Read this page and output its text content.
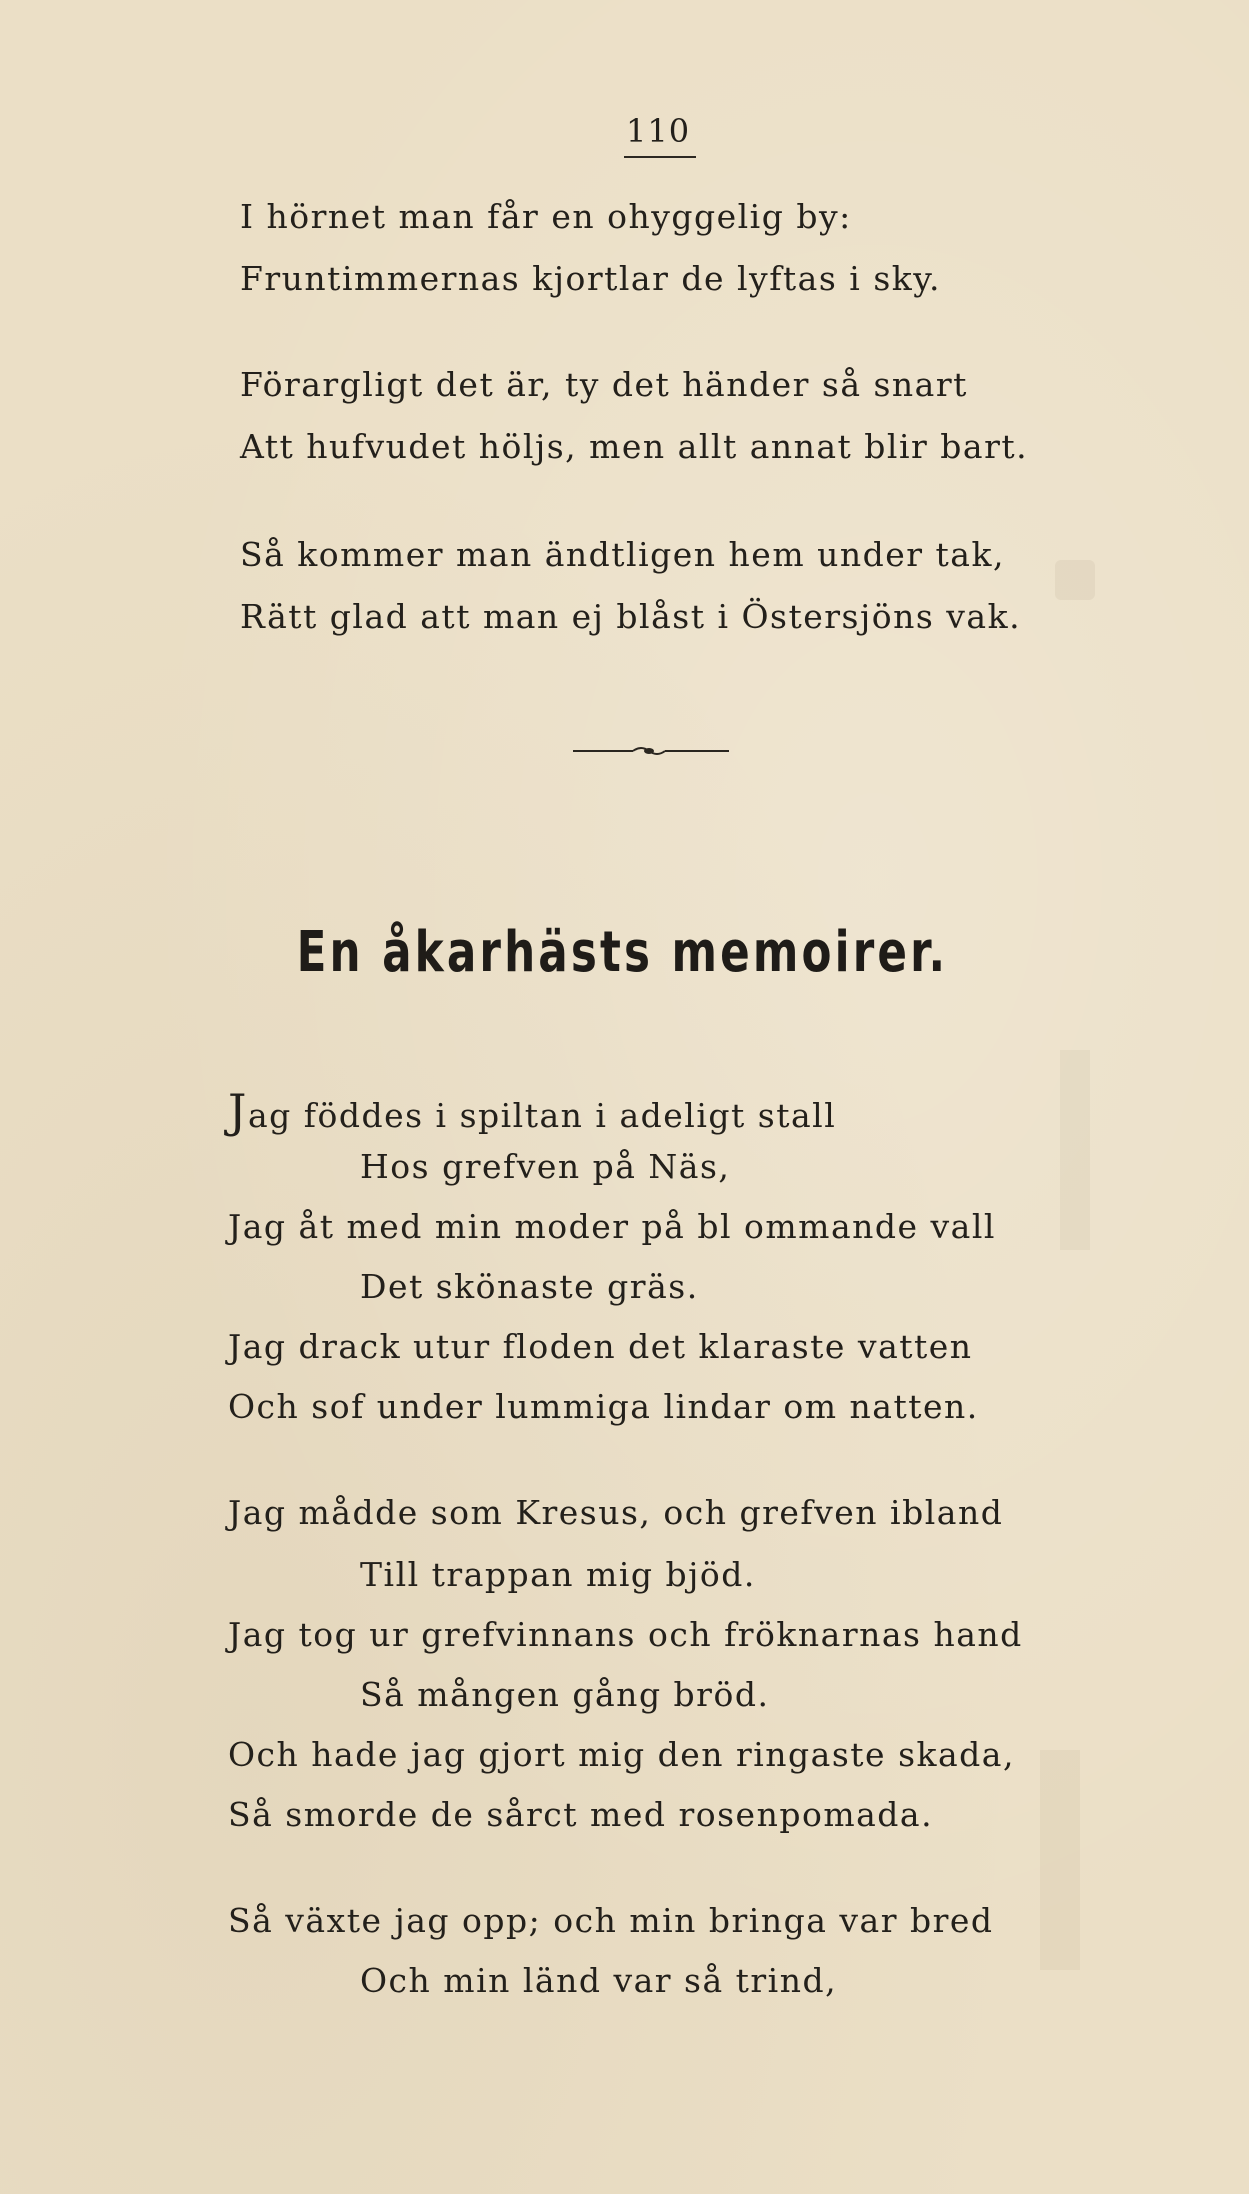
110
I hörnet man får en ohyggelig by:
Fruntimmernas kjortlar de lyftas i sky.
Förargligt det är, ty det händer så snart
Att hufvudet höljs, men allt annat blir bart.
Så kommer man ändtligen hem under tak,
Rätt glad att man ej blåst i Östersjöns vak.
En åkarhästs memoirer.
Jag föddes i spiltan i adeligt stall
Hos grefven på Näs,
Jag åt med min moder på bl ommande vall
Det skönaste gräs.
Jag drack utur floden det klaraste vatten
Och sof under lummiga lindar om natten.
Jag mådde som Kresus, och grefven ibland
Till trappan mig bjöd.
Jag tog ur grefvinnans och fröknarnas hand
Så mången gång bröd.
Och hade jag gjort mig den ringaste skada,
Så smorde de sårct med rosenpomada.
Så växte jag opp; och min bringa var bred
Och min länd var så trind,
